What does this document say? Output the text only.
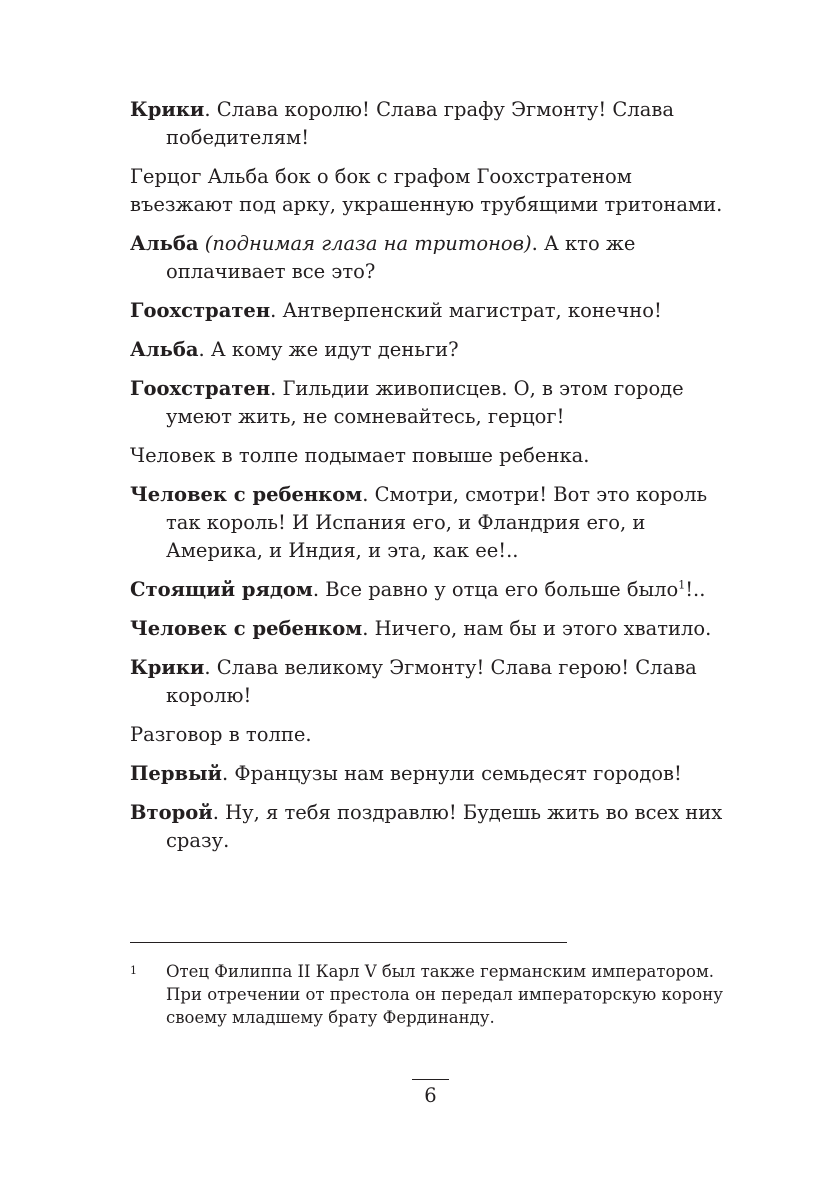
Крики. Слава королю! Слава графу Эгмонту! Слава победителям!

Герцог Альба бок о бок с графом Гоохстратеном въезжают под арку, украшенную трубящими тритонами.

Альба (поднимая глаза на тритонов). А кто же оплачивает все это?

Гоохстратен. Антверпенский магистрат, конечно!

Альба. А кому же идут деньги?

Гоохстратен. Гильдии живописцев. О, в этом городе умеют жить, не сомневайтесь, герцог!

Человек в толпе подымает повыше ребенка.

Человек с ребенком. Смотри, смотри! Вот это король так король! И Испания его, и Фландрия его, и Америка, и Индия, и эта, как ее!..

Стоящий рядом. Все равно у отца его больше было$^1$!..

Человек с ребенком. Ничего, нам бы и этого хватило.

Крики. Слава великому Эгмонту! Слава герою! Слава королю!

Разговор в толпе.

Первый. Французы нам вернули семьдесят городов!

Второй. Ну, я тебя поздравлю! Будешь жить во всех них сразу.

1 Отец Филиппа II Карл V был также германским императором. При отречении от престола он передал императорскую корону своему младшему брату Фердинанду.
6
